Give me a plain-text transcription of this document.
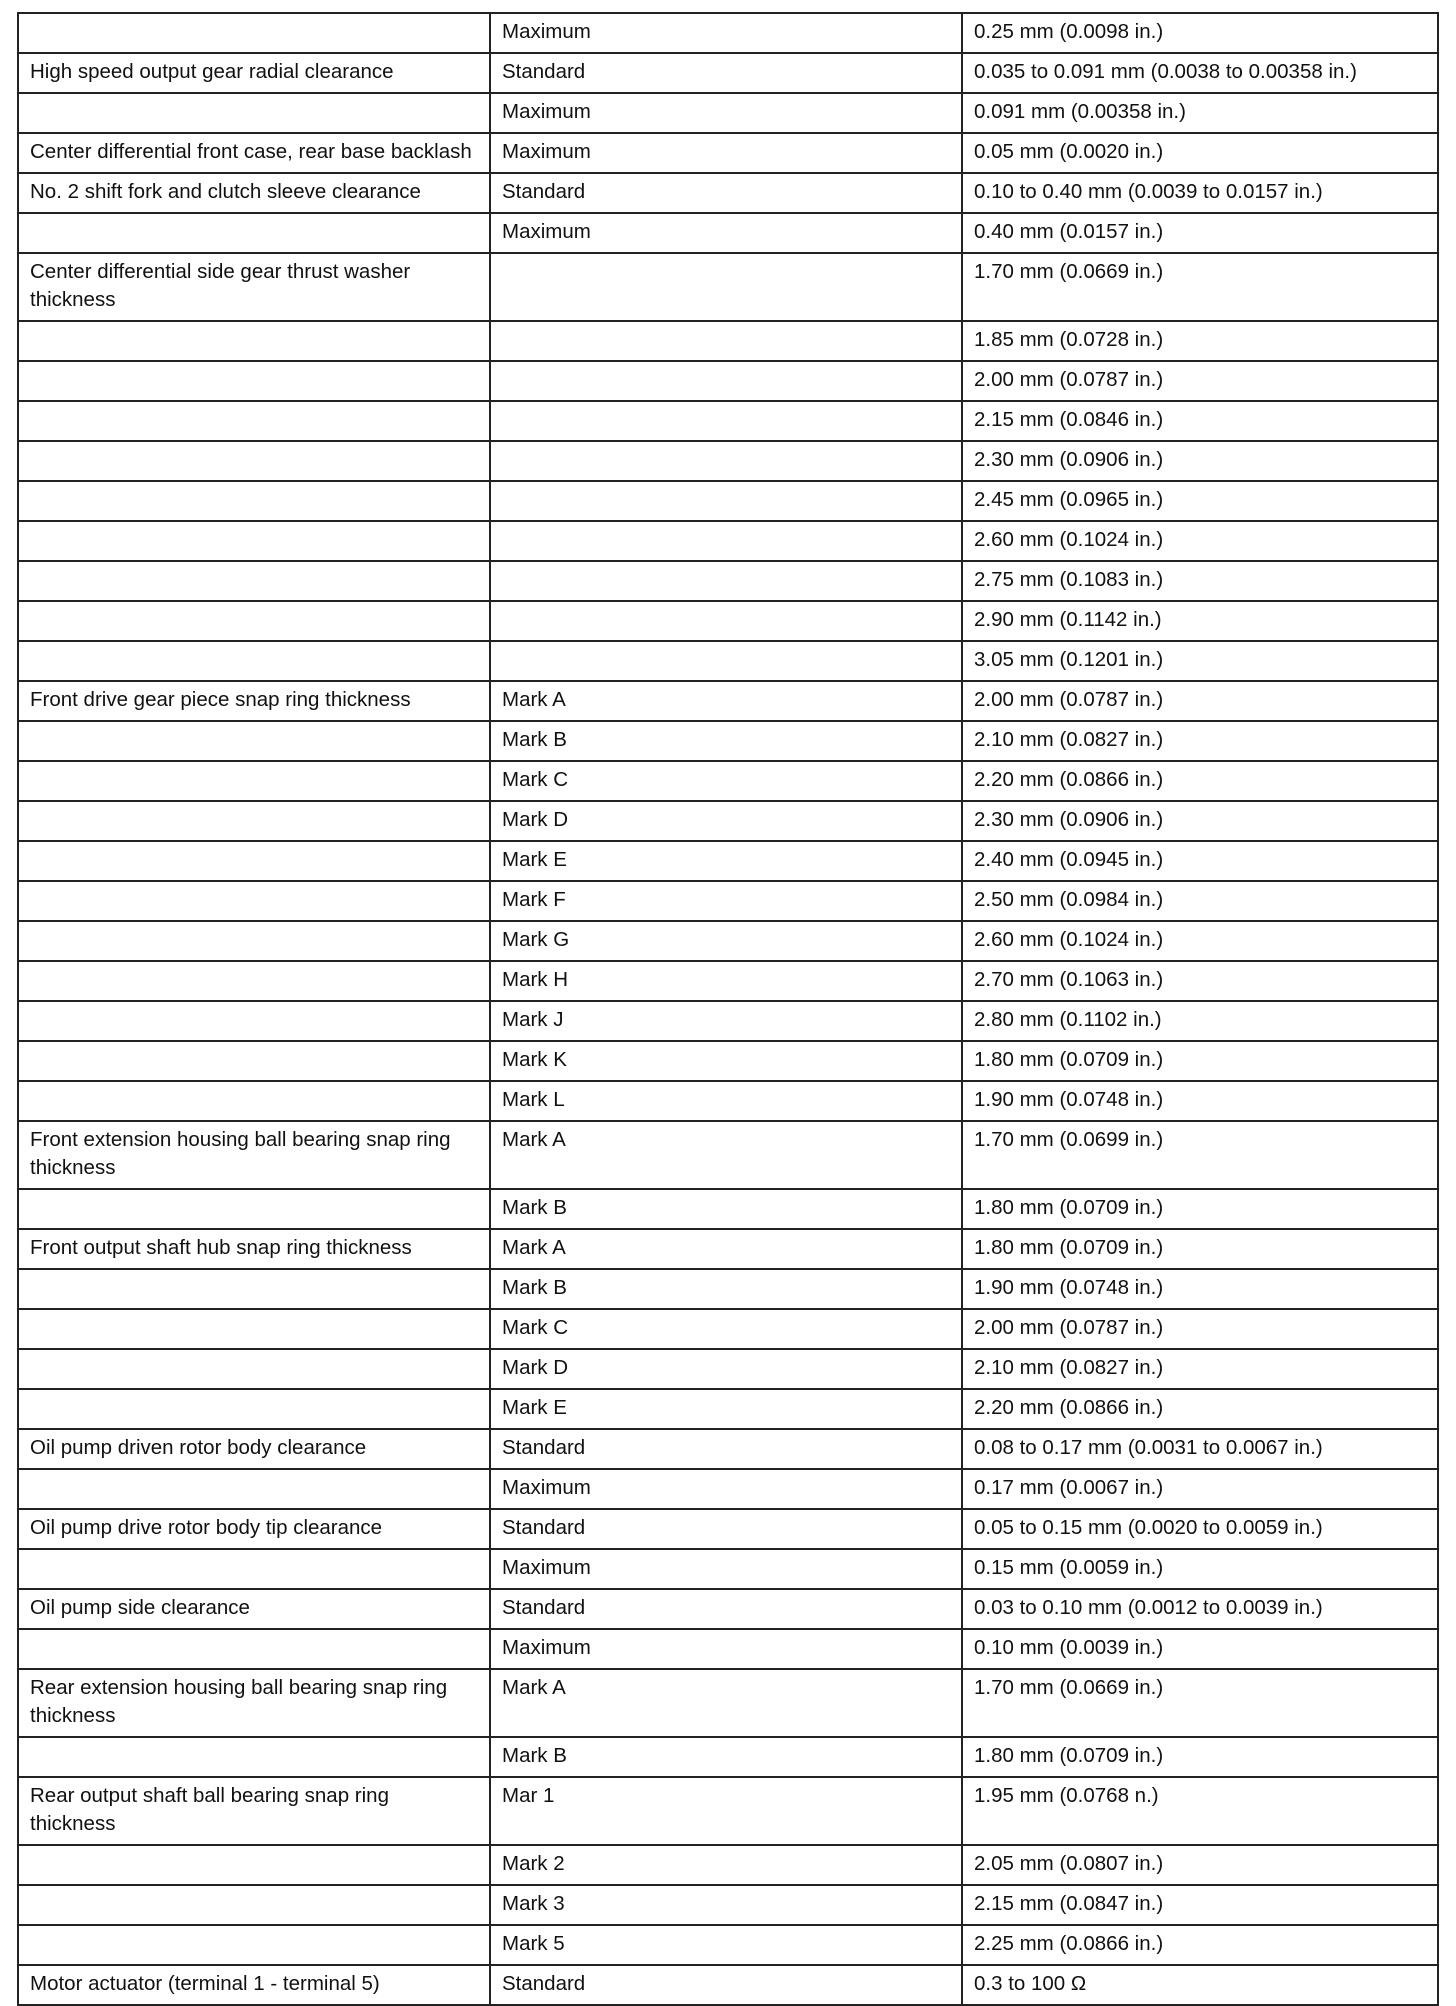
	Maximum	0.25 mm (0.0098 in.)
High speed output gear radial clearance	Standard	0.035 to 0.091 mm (0.0038 to 0.00358 in.)
	Maximum	0.091 mm (0.00358 in.)
Center differential front case, rear base backlash	Maximum	0.05 mm (0.0020 in.)
No. 2 shift fork and clutch sleeve clearance	Standard	0.10 to 0.40 mm (0.0039 to 0.0157 in.)
	Maximum	0.40 mm (0.0157 in.)
Center differential side gear thrust washer thickness		1.70 mm (0.0669 in.)
		1.85 mm (0.0728 in.)
		2.00 mm (0.0787 in.)
		2.15 mm (0.0846 in.)
		2.30 mm (0.0906 in.)
		2.45 mm (0.0965 in.)
		2.60 mm (0.1024 in.)
		2.75 mm (0.1083 in.)
		2.90 mm (0.1142 in.)
		3.05 mm (0.1201 in.)
Front drive gear piece snap ring thickness	Mark A	2.00 mm (0.0787 in.)
	Mark B	2.10 mm (0.0827 in.)
	Mark C	2.20 mm (0.0866 in.)
	Mark D	2.30 mm (0.0906 in.)
	Mark E	2.40 mm (0.0945 in.)
	Mark F	2.50 mm (0.0984 in.)
	Mark G	2.60 mm (0.1024 in.)
	Mark H	2.70 mm (0.1063 in.)
	Mark J	2.80 mm (0.1102 in.)
	Mark K	1.80 mm (0.0709 in.)
	Mark L	1.90 mm (0.0748 in.)
Front extension housing ball bearing snap ring thickness	Mark A	1.70 mm (0.0699 in.)
	Mark B	1.80 mm (0.0709 in.)
Front output shaft hub snap ring thickness	Mark A	1.80 mm (0.0709 in.)
	Mark B	1.90 mm (0.0748 in.)
	Mark C	2.00 mm (0.0787 in.)
	Mark D	2.10 mm (0.0827 in.)
	Mark E	2.20 mm (0.0866 in.)
Oil pump driven rotor body clearance	Standard	0.08 to 0.17 mm (0.0031 to 0.0067 in.)
	Maximum	0.17 mm (0.0067 in.)
Oil pump drive rotor body tip clearance	Standard	0.05 to 0.15 mm (0.0020 to 0.0059 in.)
	Maximum	0.15 mm (0.0059 in.)
Oil pump side clearance	Standard	0.03 to 0.10 mm (0.0012 to 0.0039 in.)
	Maximum	0.10 mm (0.0039 in.)
Rear extension housing ball bearing snap ring thickness	Mark A	1.70 mm (0.0669 in.)
	Mark B	1.80 mm (0.0709 in.)
Rear output shaft ball bearing snap ring thickness	Mar 1	1.95 mm (0.0768 n.)
	Mark 2	2.05 mm (0.0807 in.)
	Mark 3	2.15 mm (0.0847 in.)
	Mark 5	2.25 mm (0.0866 in.)
Motor actuator (terminal 1 - terminal 5)	Standard	0.3 to 100 Ω
